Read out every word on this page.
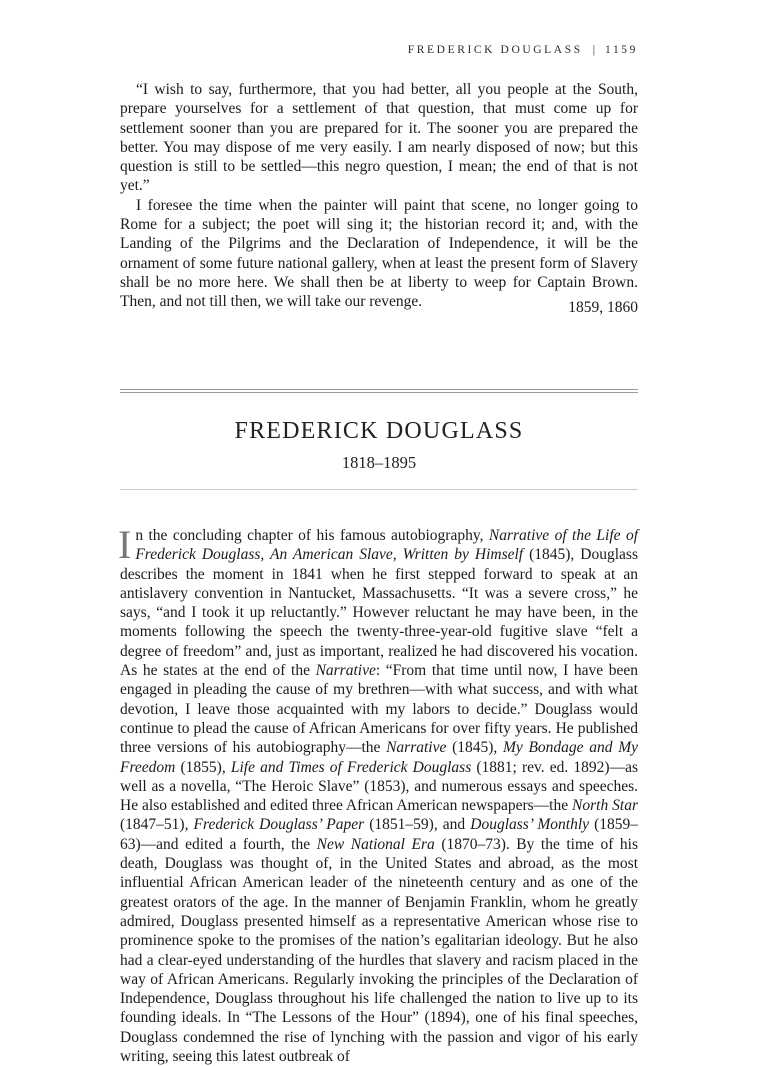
FREDERICK DOUGLASS | 1159

“I wish to say, furthermore, that you had better, all you people at the South, prepare yourselves for a settlement of that question, that must come up for settlement sooner than you are prepared for it. The sooner you are prepared the better. You may dispose of me very easily. I am nearly disposed of now; but this question is still to be settled—this negro question, I mean; the end of that is not yet.”

I foresee the time when the painter will paint that scene, no longer going to Rome for a subject; the poet will sing it; the historian record it; and, with the Landing of the Pilgrims and the Declaration of Independence, it will be the ornament of some future national gallery, when at least the present form of Slavery shall be no more here. We shall then be at liberty to weep for Captain Brown. Then, and not till then, we will take our revenge.	1859, 1860
FREDERICK DOUGLASS
1818–1895

In the concluding chapter of his famous autobiography, Narrative of the Life of Frederick Douglass, An American Slave, Written by Himself (1845), Douglass describes the moment in 1841 when he first stepped forward to speak at an antislavery convention in Nantucket, Massachusetts. “It was a severe cross,” he says, “and I took it up reluctantly.” However reluctant he may have been, in the moments following the speech the twenty-three-year-old fugitive slave “felt a degree of freedom” and, just as important, realized he had discovered his vocation. As he states at the end of the Narrative: “From that time until now, I have been engaged in pleading the cause of my brethren—with what success, and with what devotion, I leave those acquainted with my labors to decide.” Douglass would continue to plead the cause of African Americans for over fifty years. He published three versions of his autobiography—the Narrative (1845), My Bondage and My Freedom (1855), Life and Times of Frederick Douglass (1881; rev. ed. 1892)—as well as a novella, “The Heroic Slave” (1853), and numerous essays and speeches. He also established and edited three African American newspapers—the North Star (1847–51), Frederick Douglass’ Paper (1851–59), and Douglass’ Monthly (1859–63)—and edited a fourth, the New National Era (1870–73). By the time of his death, Douglass was thought of, in the United States and abroad, as the most influential African American leader of the nineteenth century and as one of the greatest orators of the age. In the manner of Benjamin Franklin, whom he greatly admired, Douglass presented himself as a representative American whose rise to prominence spoke to the promises of the nation’s egalitarian ideology. But he also had a clear-eyed understanding of the hurdles that slavery and racism placed in the way of African Americans. Regularly invoking the principles of the Declaration of Independence, Douglass throughout his life challenged the nation to live up to its founding ideals. In “The Lessons of the Hour” (1894), one of his final speeches, Douglass condemned the rise of lynching with the passion and vigor of his early writing, seeing this latest outbreak of
